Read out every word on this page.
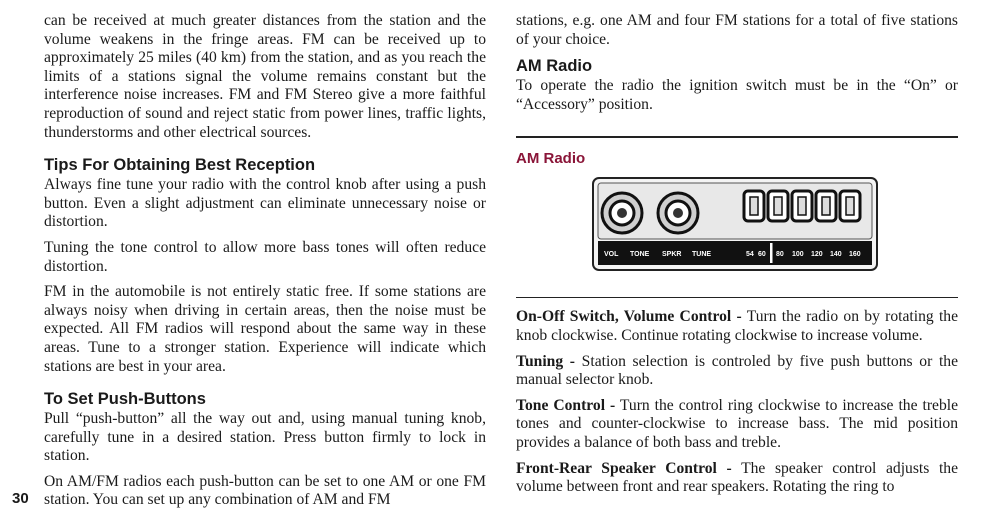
can be received at much greater distances from the station and the volume weakens in the fringe areas. FM can be received up to approximately 25 miles (40 km) from the station, and as you reach the limits of a stations signal the volume remains constant but the interference noise increases. FM and FM Stereo give a more faithful reproduction of sound and reject static from power lines, traffic lights, thunderstorms and other electrical sources.

Tips For Obtaining Best Reception

Always fine tune your radio with the control knob after using a push button. Even a slight adjustment can eliminate unnecessary noise or distortion.

Tuning the tone control to allow more bass tones will often reduce distortion.

FM in the automobile is not entirely static free. If some stations are always noisy when driving in certain areas, then the noise must be expected. All FM radios will respond about the same way in these areas. Tune to a stronger station. Experience will indicate which stations are best in your area.

To Set Push-Buttons

Pull “push-button” all the way out and, using manual tuning knob, carefully tune in a desired station. Press button firmly to lock in station.

On AM/FM radios each push-button can be set to one AM or one FM station. You can set up any combination of AM and FM

30

stations, e.g. one AM and four FM stations for a total of five stations of your choice.

AM Radio

To operate the radio the ignition switch must be in the “On” or “Accessory” position.

AM Radio
VOL TONE SPKR TUNE	54 60 80 100 120 140 160

On-Off Switch, Volume Control - Turn the radio on by rotating the knob clockwise. Continue rotating clockwise to increase volume.

Tuning - Station selection is controled by five push buttons or the manual selector knob.

Tone Control - Turn the control ring clockwise to increase the treble tones and counter-clockwise to increase bass. The mid position provides a balance of both bass and treble.

Front-Rear Speaker Control - The speaker control adjusts the volume between front and rear speakers. Rotating the ring to
